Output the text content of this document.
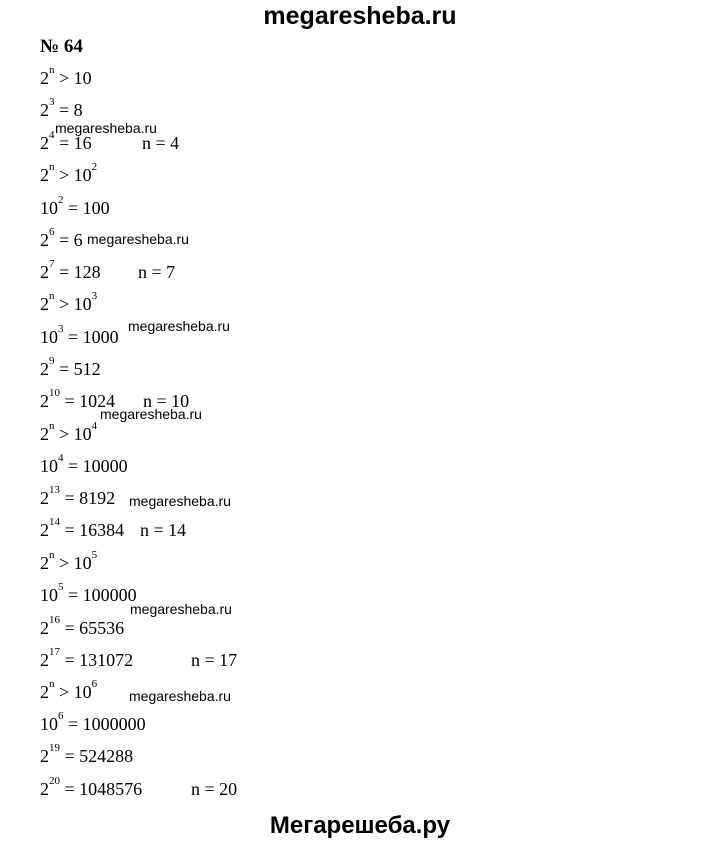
megaresheba.ru
№ 64
$2^n > 10$
$2^3 = 8$
$2^4 = 16$
$2^n > 10^2$
$10^2 = 100$
$2^6 = 6$
$2^7 = 128$
$2^n > 10^3$
$10^3 = 1000$
$2^9 = 512$
$2^{10} = 1024$
$2^n > 10^4$
$10^4 = 10000$
$2^{13} = 8192$
$2^{14} = 16384$
$2^n > 10^5$
$10^5 = 100000$
$2^{16} = 65536$
$2^{17} = 131072$
$2^n > 10^6$
$10^6 = 1000000$
$2^{19} = 524288$
$2^{20} = 1048576$
n = 4
n = 7
n = 10
n = 14
n = 17
n = 20
megaresheba.ru
megaresheba.ru
megaresheba.ru
megaresheba.ru
megaresheba.ru
megaresheba.ru
megaresheba.ru
Мегарешеба.ру
